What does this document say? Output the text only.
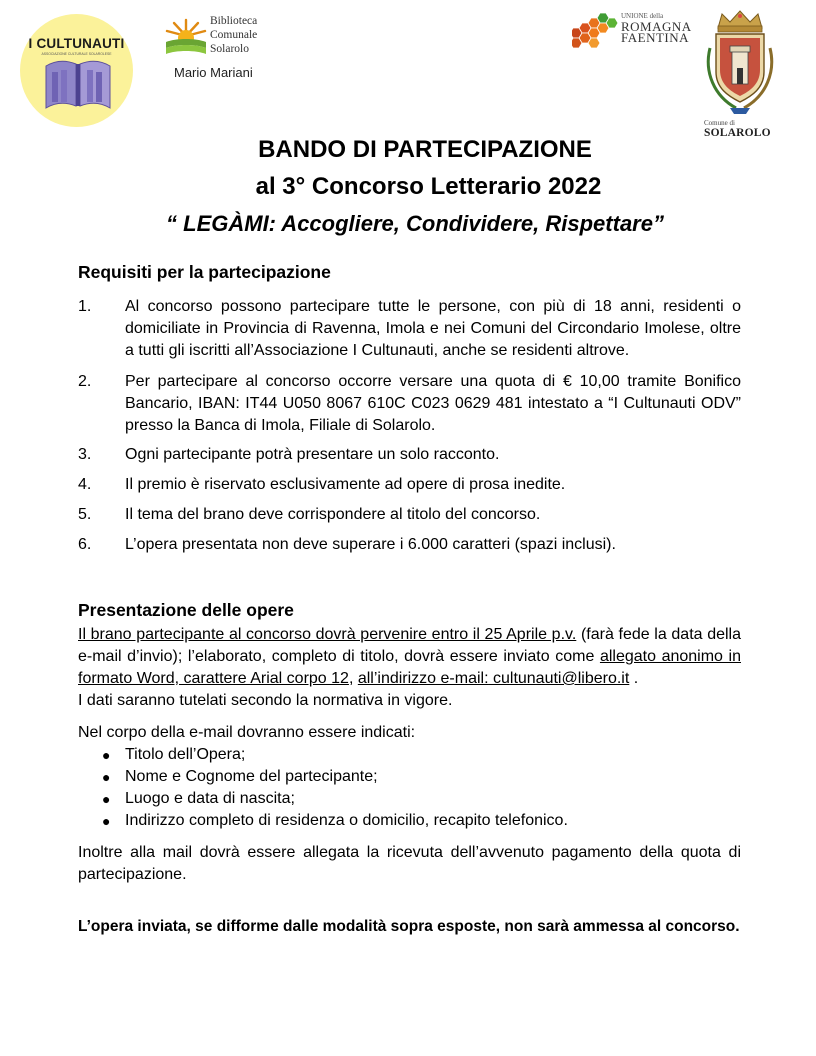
I CULTUNAUTI
ASSOCIAZIONE CULTURALE SOLAROLESE
Biblioteca
Comunale
Solarolo
Mario Mariani
UNIONE della
ROMAGNA
FAENTINA
Comune di
SOLAROLO
BANDO DI PARTECIPAZIONE
al 3° Concorso Letterario 2022
“ LEGÀMI: Accogliere, Condividere, Rispettare”
Requisiti per la partecipazione
1. Al concorso possono partecipare tutte le persone, con più di 18 anni, residenti o domiciliate in Provincia di Ravenna, Imola e nei Comuni del Circondario Imolese, oltre a tutti gli iscritti all’Associazione I Cultunauti, anche se residenti altrove.
2. Per partecipare al concorso occorre versare una quota di € 10,00 tramite Bonifico Bancario, IBAN: IT44 U050 8067 610C C023 0629 481 intestato a “I Cultunauti ODV” presso la Banca di Imola, Filiale di Solarolo.
3. Ogni partecipante potrà presentare un solo racconto.
4. Il premio è riservato esclusivamente ad opere di prosa inedite.
5. Il tema del brano deve corrispondere al titolo del concorso.
6. L’opera presentata non deve superare i 6.000 caratteri (spazi inclusi).
Presentazione delle opere

Il brano partecipante al concorso dovrà pervenire entro il 25 Aprile p.v. (farà fede la data della e-mail d’invio); l’elaborato, completo di titolo, dovrà essere inviato come allegato anonimo in formato Word, carattere Arial corpo 12, all’indirizzo e-mail: cultunauti@libero.it .

I dati saranno tutelati secondo la normativa in vigore.

Nel corpo della e-mail dovranno essere indicati:

● Titolo dell’Opera;
● Nome e Cognome del partecipante;
● Luogo e data di nascita;
● Indirizzo completo di residenza o domicilio, recapito telefonico.

Inoltre alla mail dovrà essere allegata la ricevuta dell’avvenuto pagamento della quota di partecipazione.

L’opera inviata, se difforme dalle modalità sopra esposte, non sarà ammessa al concorso.
